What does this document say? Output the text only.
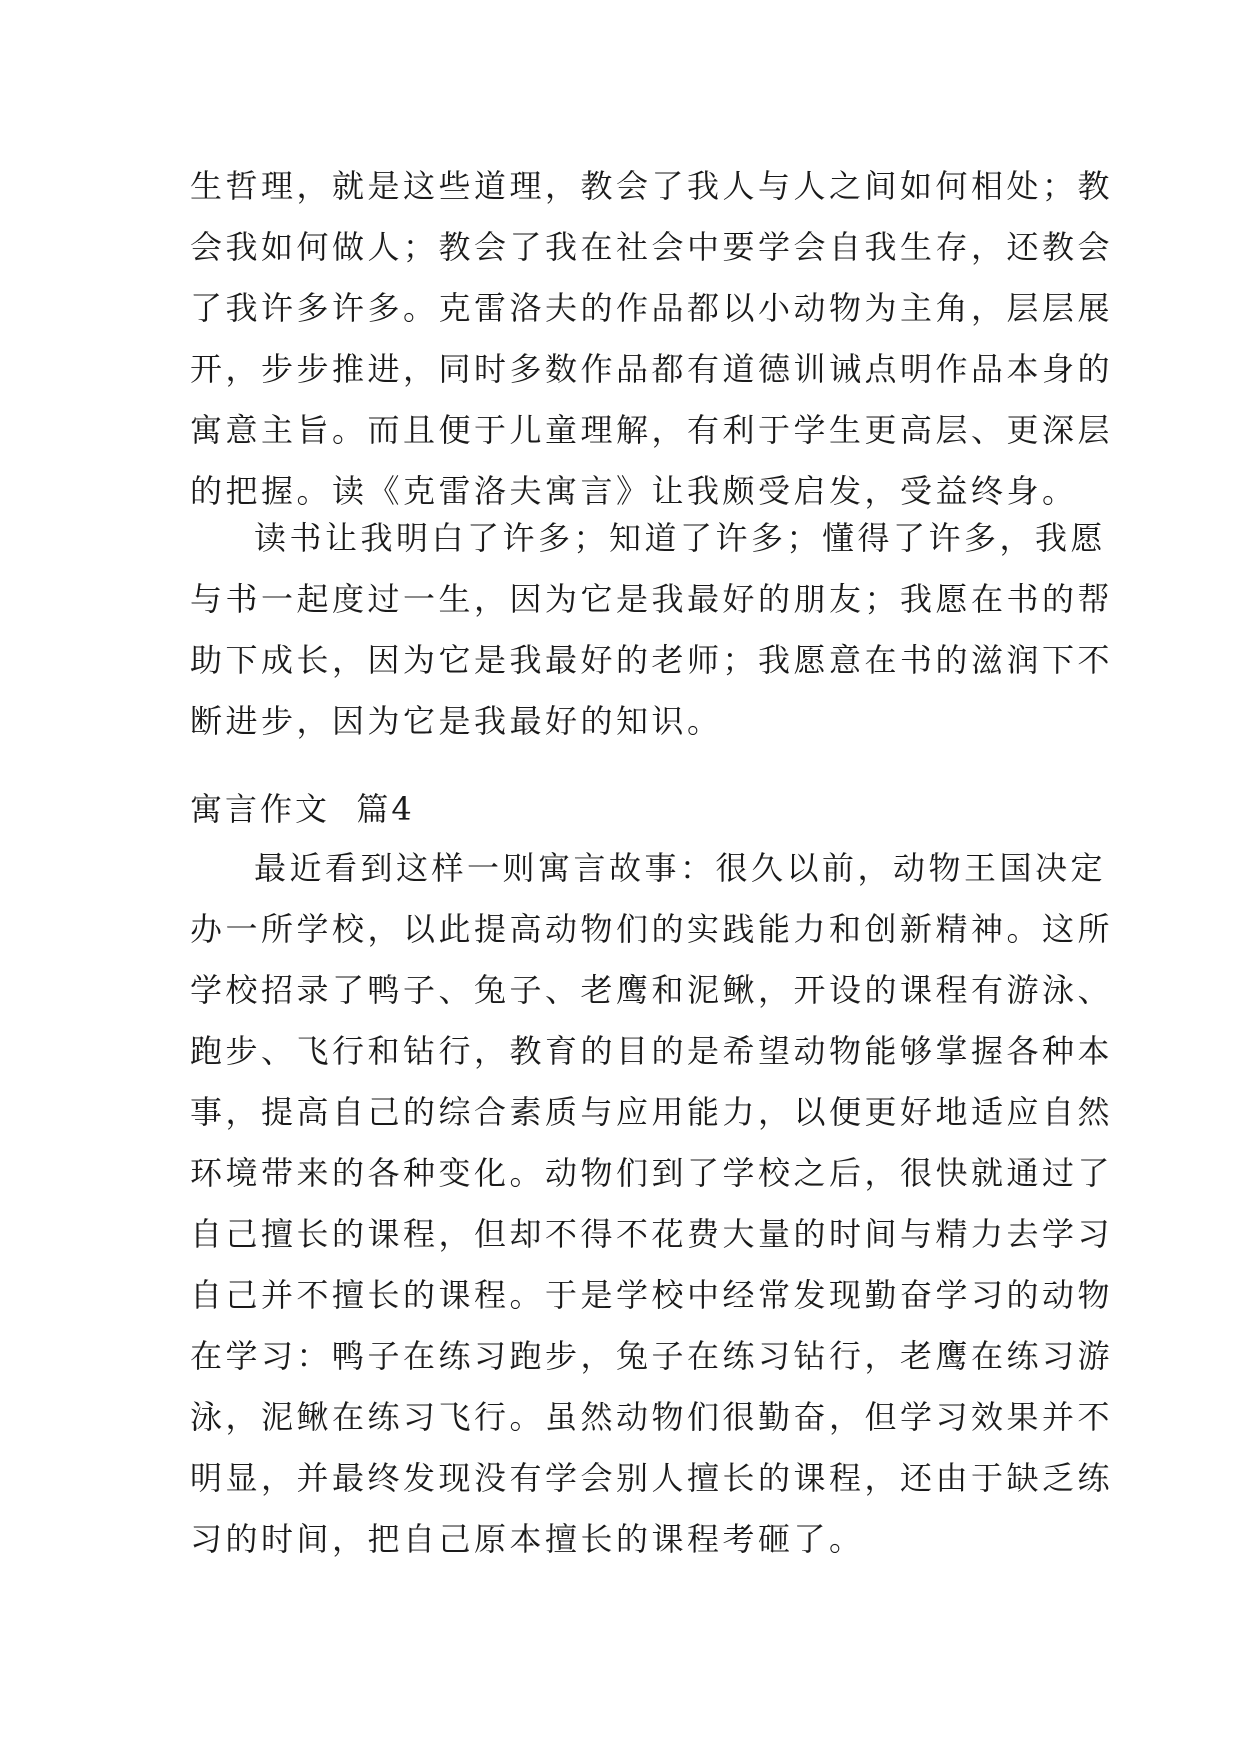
生哲理，就是这些道理，教会了我人与人之间如何相处；教
会我如何做人；教会了我在社会中要学会自我生存，还教会
了我许多许多。克雷洛夫的作品都以小动物为主角，层层展
开，步步推进，同时多数作品都有道德训诫点明作品本身的
寓意主旨。而且便于儿童理解，有利于学生更高层、更深层
的把握。读《克雷洛夫寓言》让我颇受启发，受益终身。
读书让我明白了许多；知道了许多；懂得了许多，我愿
与书一起度过一生，因为它是我最好的朋友；我愿在书的帮
助下成长，因为它是我最好的老师；我愿意在书的滋润下不
断进步，因为它是我最好的知识。
寓言作文  篇4
最近看到这样一则寓言故事：很久以前，动物王国决定
办一所学校，以此提高动物们的实践能力和创新精神。这所
学校招录了鸭子、兔子、老鹰和泥鳅，开设的课程有游泳、
跑步、飞行和钻行，教育的目的是希望动物能够掌握各种本
事，提高自己的综合素质与应用能力，以便更好地适应自然
环境带来的各种变化。动物们到了学校之后，很快就通过了
自己擅长的课程，但却不得不花费大量的时间与精力去学习
自己并不擅长的课程。于是学校中经常发现勤奋学习的动物
在学习：鸭子在练习跑步，兔子在练习钻行，老鹰在练习游
泳，泥鳅在练习飞行。虽然动物们很勤奋，但学习效果并不
明显，并最终发现没有学会别人擅长的课程，还由于缺乏练
习的时间，把自己原本擅长的课程考砸了。
